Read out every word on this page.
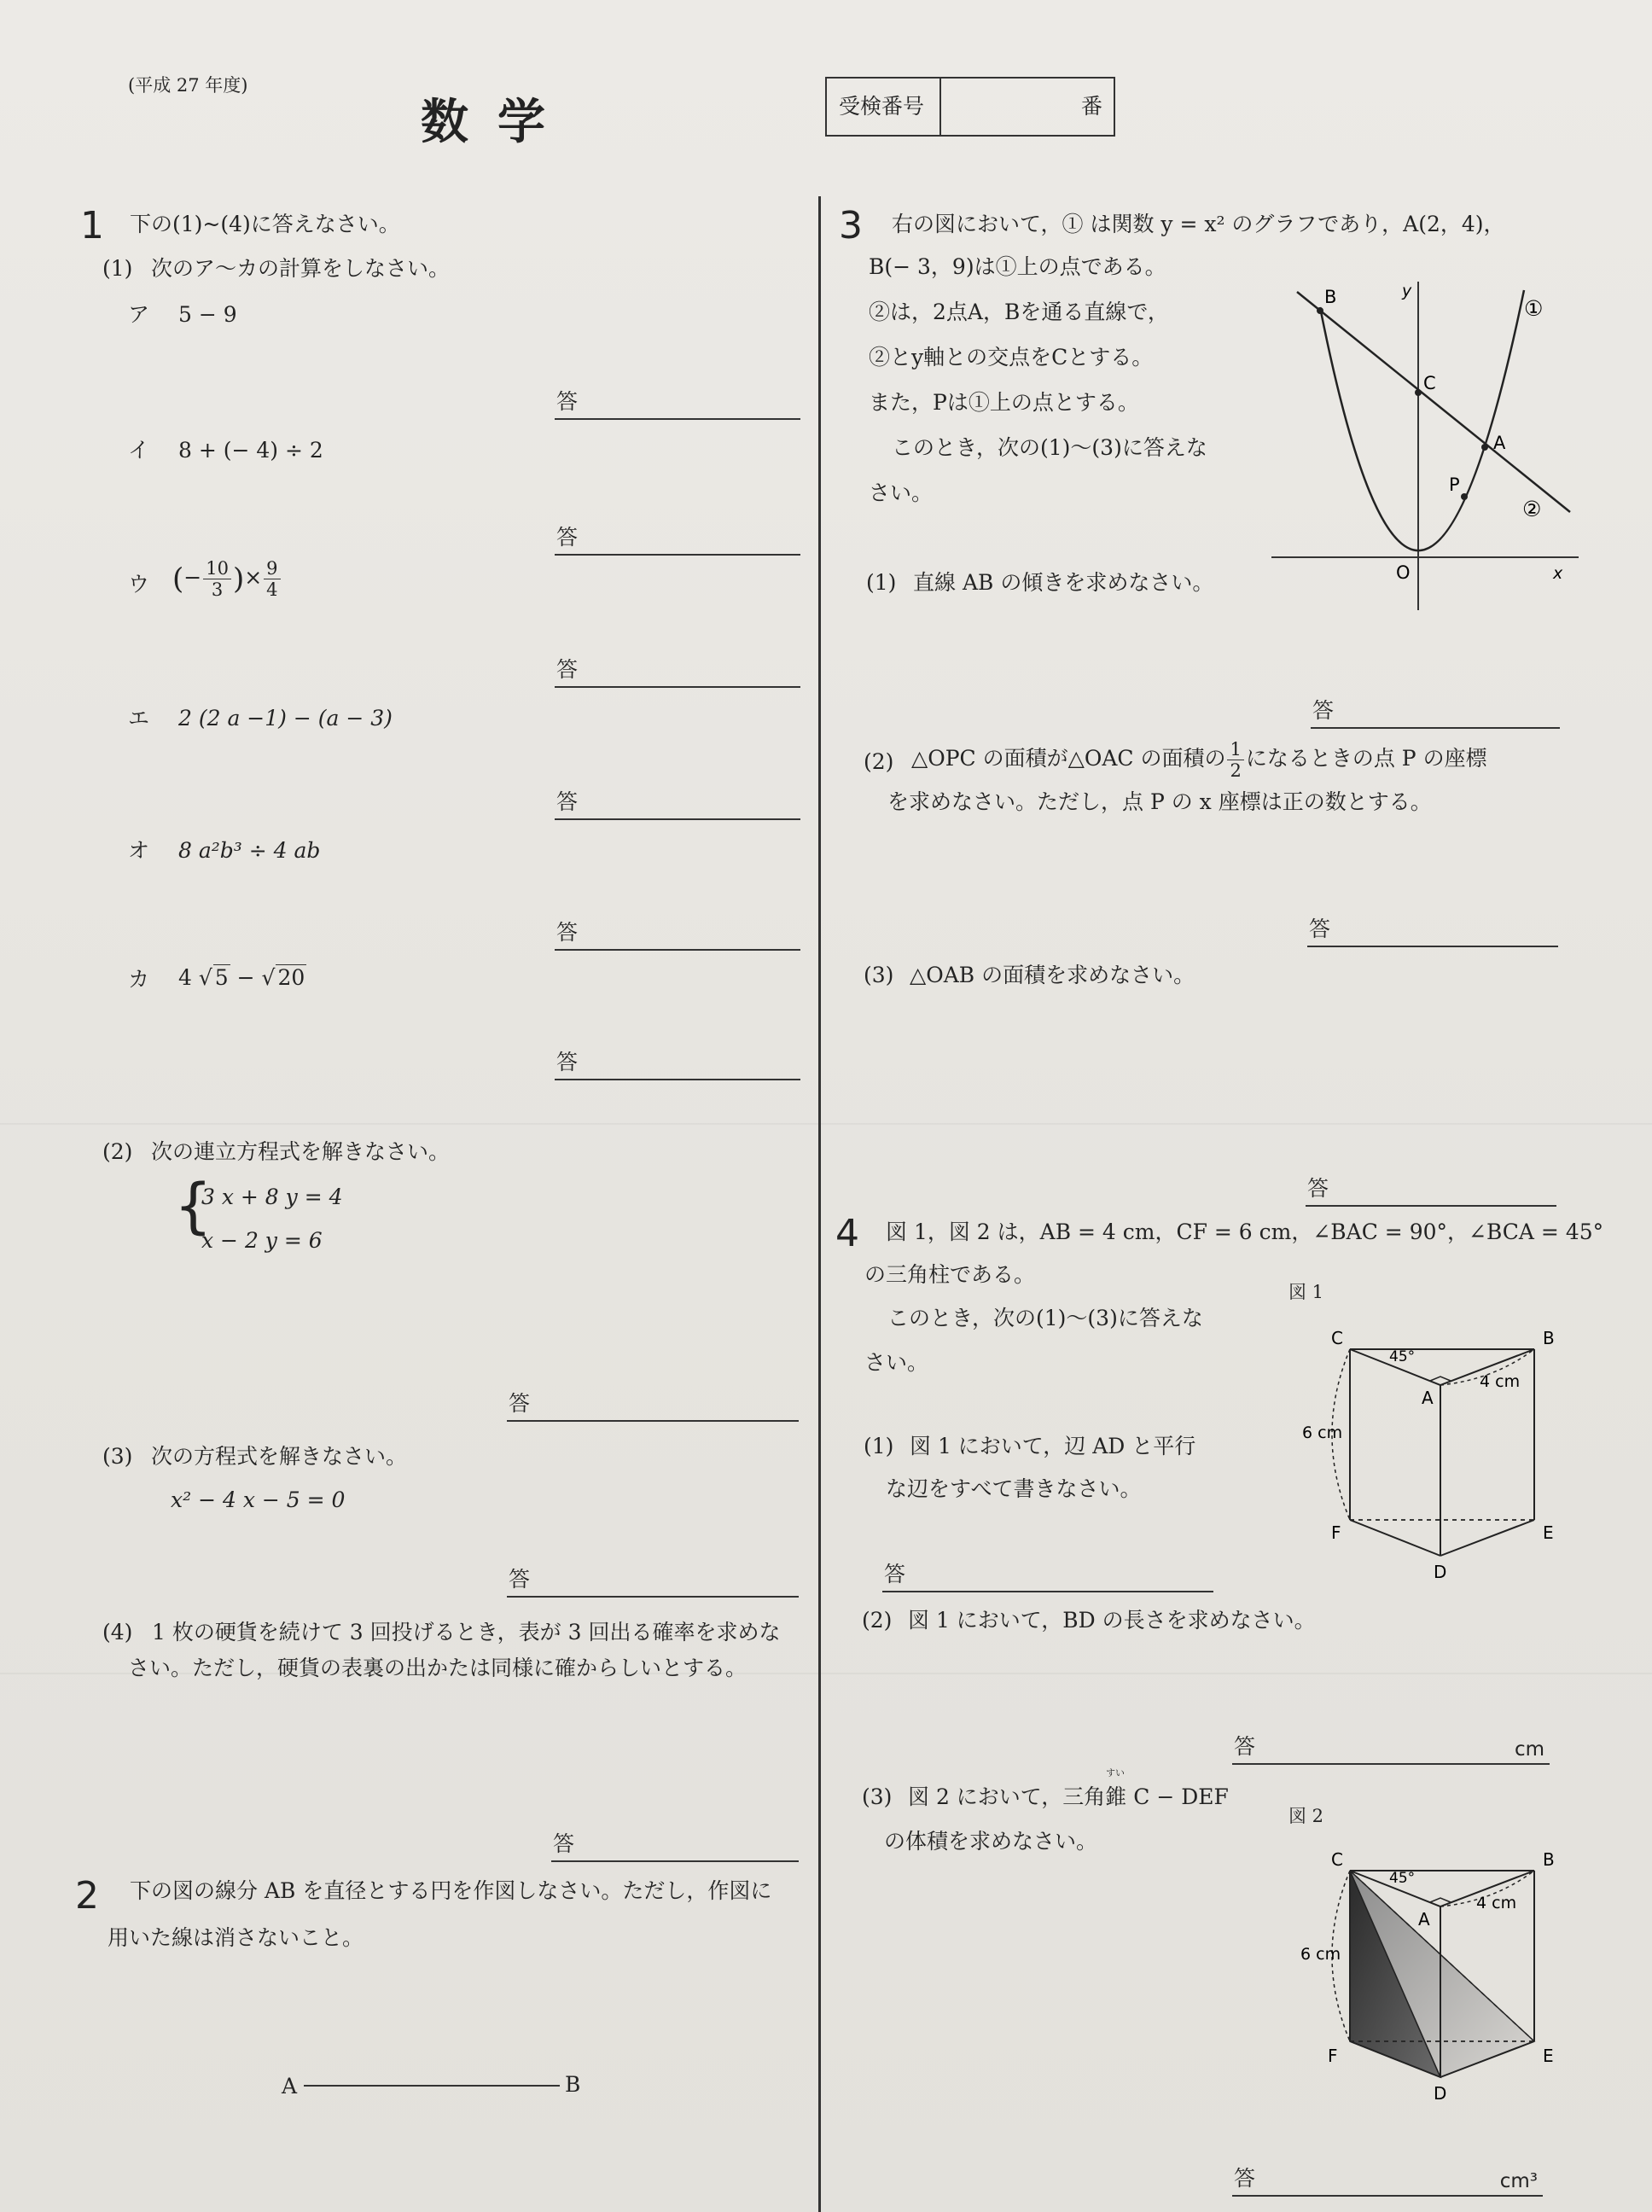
(平成 27 年度)
数学	受検番号	番
1 下の(1)~(4)に答えなさい。
(1) 次のア～カの計算をしなさい。
ア 5 − 9
答
イ 8 + (− 4) ÷ 2
答
ウ (− $\frac{10}{3}$ )× $\frac{9}{4}$
答
エ 2 (2 a −1) − (a − 3)
答
オ 8 a²b³ ÷ 4 ab
答
カ 4 √ 5 − √ 20
答
(2) 次の連立方程式を解きなさい。
{
3 x + 8 y = 4
x − 2 y = 6
答
(3) 次の方程式を解きなさい。
x² − 4 x − 5 = 0
答
(4) 1 枚の硬貨を続けて 3 回投げるとき，表が 3 回出る確率を求めな
さい。ただし，硬貨の表裏の出かたは同様に確からしいとする。
答
2 下の図の線分 AB を直径とする円を作図しなさい。ただし，作図に
用いた線は消さないこと。
A	B
3 右の図において，① は関数 y = x² のグラフであり，A(2，4)，
B(− 3，9)は①上の点である。
②は，2点A，Bを通る直線で，
②とy軸との交点をCとする。
また，Pは①上の点とする。
このとき，次の(1)～(3)に答えな
さい。
B
C
A
P
O	x
y
①
②
(1) 直線 AB の傾きを求めなさい。
答
(2) △OPC の面積が△OAC の面積の $\frac{1}{2}$ になるときの点 P の座標
を求めなさい。ただし，点 P の x 座標は正の数とする。
答
(3) △OAB の面積を求めなさい。
答
4 図 1，図 2 は，AB = 4 cm，CF = 6 cm，∠BAC = 90°，∠BCA = 45°
の三角柱である。
このとき，次の(1)～(3)に答えな
さい。
図 1
C	B
A
F	E
D
45°
4 cm
6 cm
(1) 図 1 において，辺 AD と平行
な辺をすべて書きなさい。
答
(2) 図 1 において，BD の長さを求めなさい。
答	cm
(3) 図 2 において，三角錐 C − DEF
すい
の体積を求めなさい。
図 2
C	B
A
F	E
D
45°
4 cm
6 cm
答	cm³
